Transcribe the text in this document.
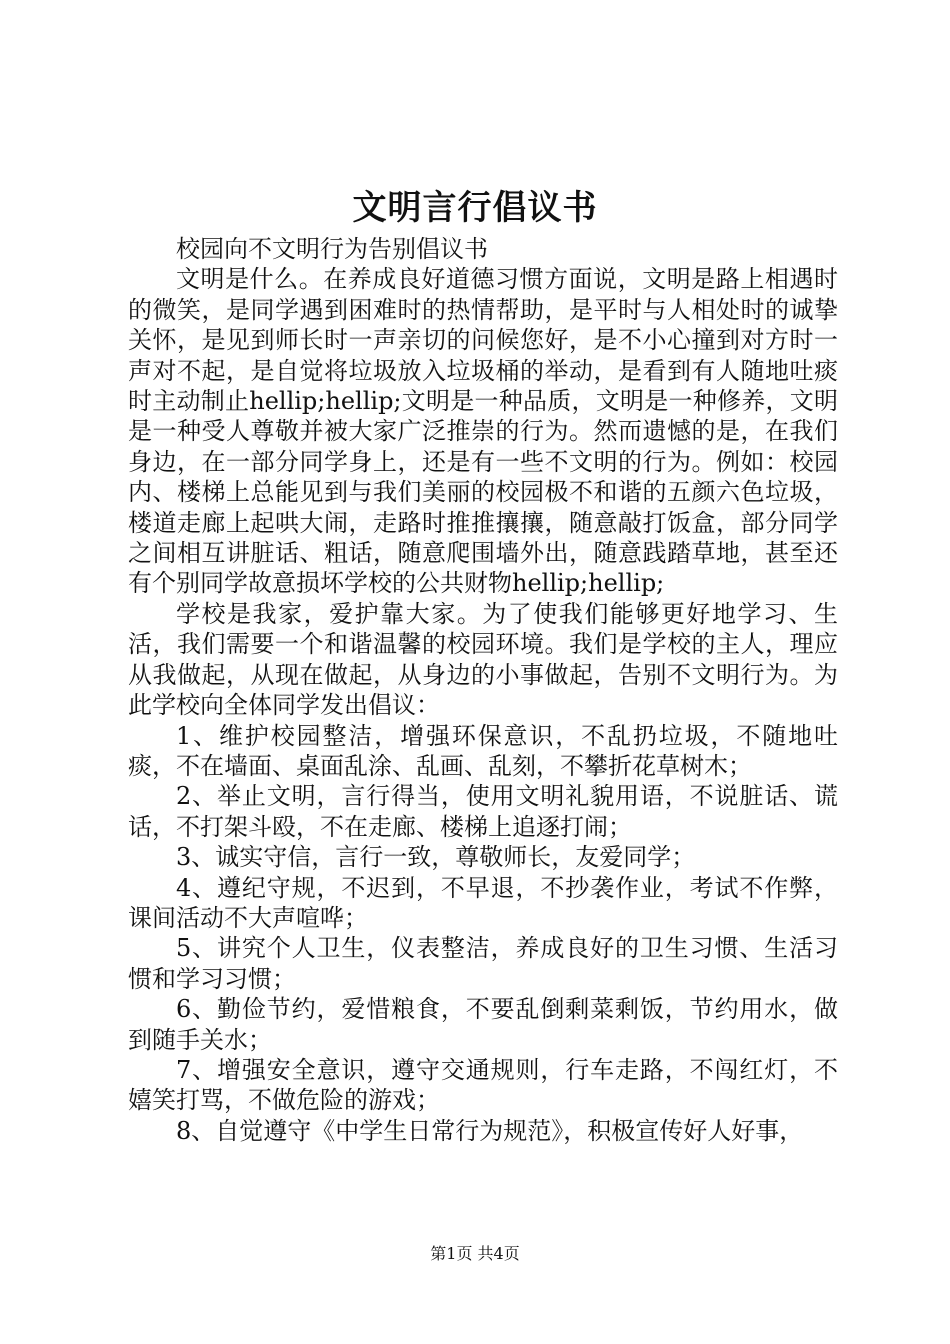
文明言行倡议书

校园向不文明行为告别倡议书

文明是什么。在养成良好道德习惯方面说，文明是路上相遇时的微笑，是同学遇到困难时的热情帮助，是平时与人相处时的诚挚关怀，是见到师长时一声亲切的问候您好，是不小心撞到对方时一声对不起，是自觉将垃圾放入垃圾桶的举动，是看到有人随地吐痰时主动制止hellip;hellip;文明是一种品质，文明是一种修养，文明是一种受人尊敬并被大家广泛推崇的行为。然而遗憾的是，在我们身边，在一部分同学身上，还是有一些不文明的行为。例如：校园内、楼梯上总能见到与我们美丽的校园极不和谐的五颜六色垃圾，楼道走廊上起哄大闹，走路时推推攘攘，随意敲打饭盒，部分同学之间相互讲脏话、粗话，随意爬围墙外出，随意践踏草地，甚至还有个别同学故意损坏学校的公共财物hellip;hellip;

学校是我家，爱护靠大家。为了使我们能够更好地学习、生活，我们需要一个和谐温馨的校园环境。我们是学校的主人，理应从我做起，从现在做起，从身边的小事做起，告别不文明行为。为此学校向全体同学发出倡议：

1、维护校园整洁，增强环保意识，不乱扔垃圾，不随地吐痰，不在墙面、桌面乱涂、乱画、乱刻，不攀折花草树木；

2、举止文明，言行得当，使用文明礼貌用语，不说脏话、谎话，不打架斗殴，不在走廊、楼梯上追逐打闹；

3、诚实守信，言行一致，尊敬师长，友爱同学；

4、遵纪守规，不迟到，不早退，不抄袭作业，考试不作弊，课间活动不大声喧哗；

5、讲究个人卫生，仪表整洁，养成良好的卫生习惯、生活习惯和学习习惯；

6、勤俭节约，爱惜粮食，不要乱倒剩菜剩饭，节约用水，做到随手关水；

7、增强安全意识，遵守交通规则，行车走路，不闯红灯，不嬉笑打骂，不做危险的游戏；

8、自觉遵守《中学生日常行为规范》，积极宣传好人好事，

第1页 共4页
